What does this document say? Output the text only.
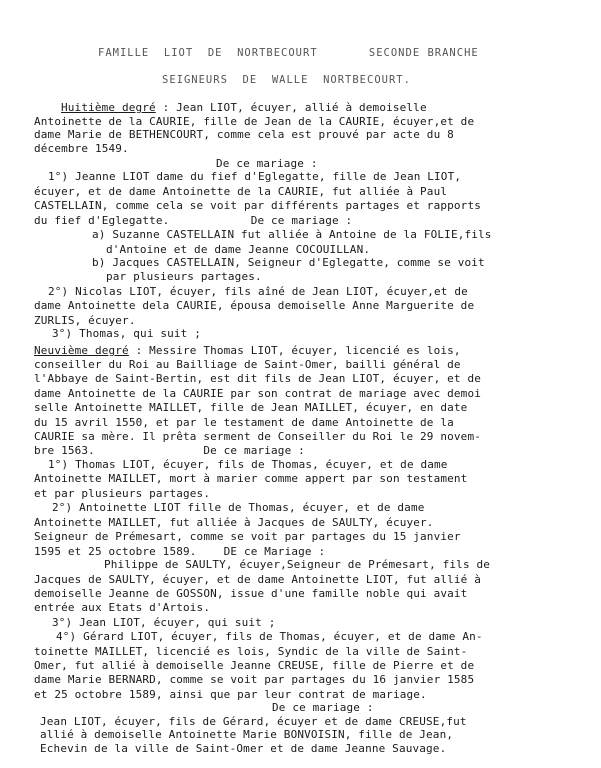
FAMILLE  LIOT  DE  NORTBECOURT       SECONDE BRANCHE
SEIGNEURS  DE  WALLE  NORTBECOURT.
Huitième degré : Jean LIOT, écuyer, allié à demoiselle
Antoinette de la CAURIE, fille de Jean de la CAURIE, écuyer,et de
dame Marie de BETHENCOURT, comme cela est prouvé par acte du 8
décembre 1549.
De ce mariage :
1°) Jeanne LIOT dame du fief d'Eglegatte, fille de Jean LIOT,
écuyer, et de dame Antoinette de la CAURIE, fut alliée à Paul
CASTELLAIN, comme cela se voit par différents partages et rapports
du fief d'Eglegatte.            De ce mariage :
a) Suzanne CASTELLAIN fut alliée à Antoine de la FOLIE,fils
d'Antoine et de dame Jeanne COCOUILLAN.
b) Jacques CASTELLAIN, Seigneur d'Eglegatte, comme se voit
par plusieurs partages.
2°) Nicolas LIOT, écuyer, fils aîné de Jean LIOT, écuyer,et de
dame Antoinette dela CAURIE, épousa demoiselle Anne Marguerite de
ZURLIS, écuyer.
3°) Thomas, qui suit ;
Neuvième degré : Messire Thomas LIOT, écuyer, licencié es lois,
conseiller du Roi au Bailliage de Saint-Omer, bailli général de
l'Abbaye de Saint-Bertin, est dit fils de Jean LIOT, écuyer, et de
dame Antoinette de la CAURIE par son contrat de mariage avec demoi
selle Antoinette MAILLET, fille de Jean MAILLET, écuyer, en date
du 15 avril 1550, et par le testament de dame Antoinette de la
CAURIE sa mère. Il prêta serment de Conseiller du Roi le 29 novem-
bre 1563.                De ce mariage :
1°) Thomas LIOT, écuyer, fils de Thomas, écuyer, et de dame
Antoinette MAILLET, mort à marier comme appert par son testament
et par plusieurs partages.
2°) Antoinette LIOT fille de Thomas, écuyer, et de dame
Antoinette MAILLET, fut alliée à Jacques de SAULTY, écuyer.
Seigneur de Prémesart, comme se voit par partages du 15 janvier
1595 et 25 octobre 1589.    DE ce Mariage :
Philippe de SAULTY, écuyer,Seigneur de Prémesart, fils de
Jacques de SAULTY, écuyer, et de dame Antoinette LIOT, fut allié à
demoiselle Jeanne de GOSSON, issue d'une famille noble qui avait
entrée aux Etats d'Artois.
3°) Jean LIOT, écuyer, qui suit ;
4°) Gérard LIOT, écuyer, fils de Thomas, écuyer, et de dame An-
toinette MAILLET, licencié es lois, Syndic de la ville de Saint-
Omer, fut allié à demoiselle Jeanne CREUSE, fille de Pierre et de
dame Marie BERNARD, comme se voit par partages du 16 janvier 1585
et 25 octobre 1589, ainsi que par leur contrat de mariage.
De ce mariage :
Jean LIOT, écuyer, fils de Gérard, écuyer et de dame CREUSE,fut
allié à demoiselle Antoinette Marie BONVOISIN, fille de Jean,
Echevin de la ville de Saint-Omer et de dame Jeanne Sauvage.
